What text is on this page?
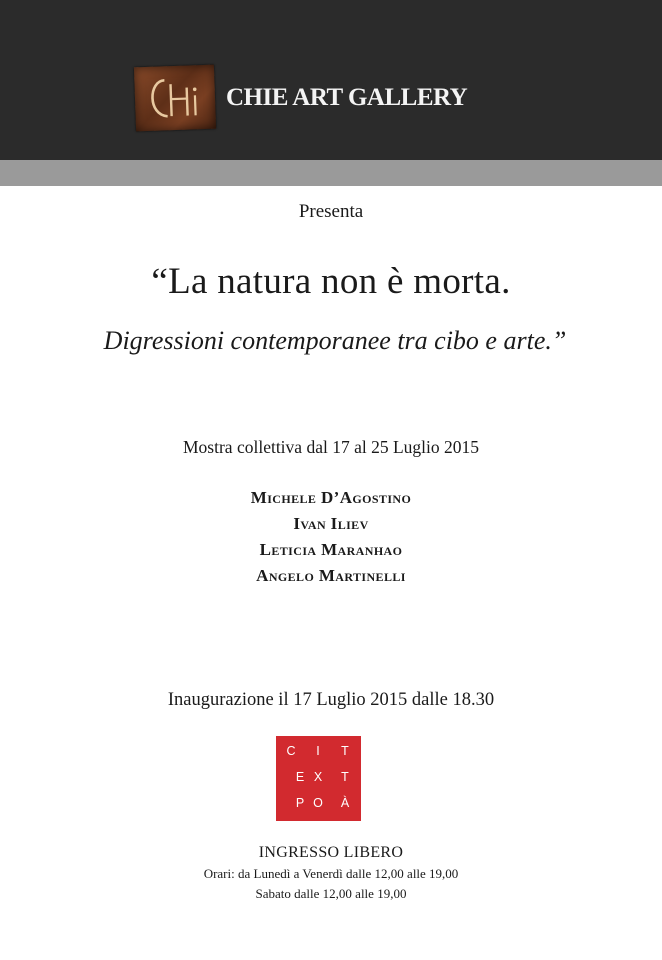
CHIE ART GALLERY
Presenta
“La natura non è morta.
Digressioni contemporanee tra cibo e arte.”
Mostra collettiva dal 17 al 25 Luglio 2015
Michele D’Agostino
Ivan Iliev
Leticia Maranhao
Angelo Martinelli
Inaugurazione il 17 Luglio 2015 dalle 18.30
C	I	T
E X	T
P O	À
INGRESSO LIBERO
Orari: da Lunedì a Venerdì dalle 12,00 alle 19,00
Sabato dalle 12,00 alle 19,00
